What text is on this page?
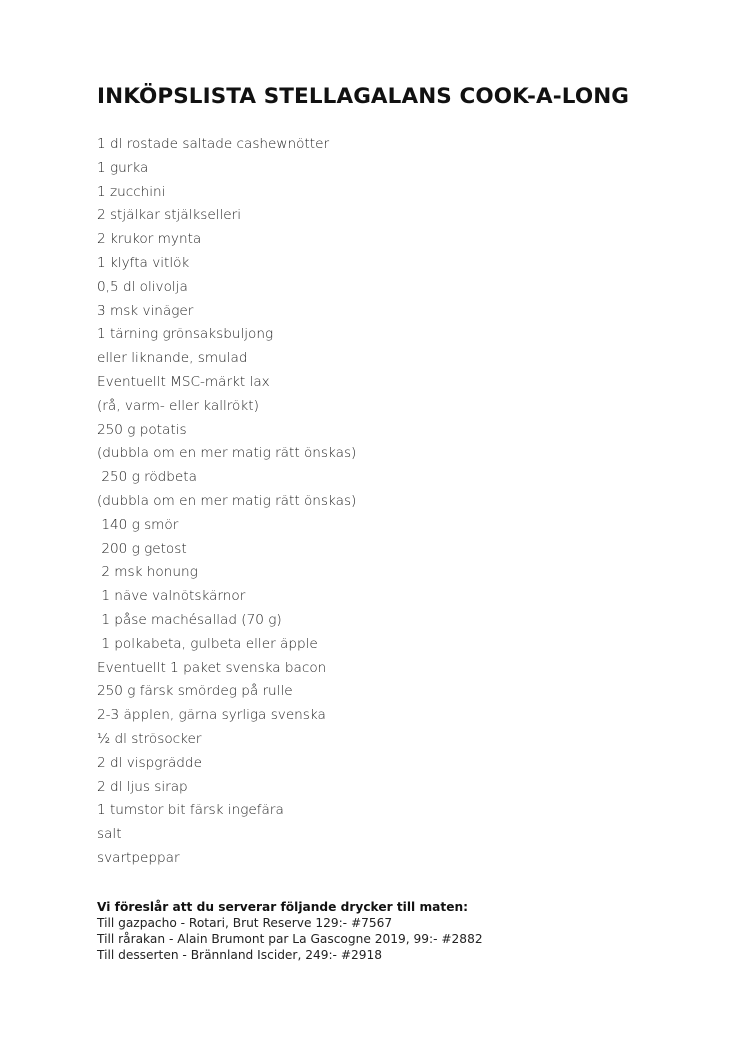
INKÖPSLISTA STELLAGALANS COOK-A-LONG
1 dl rostade saltade cashewnötter
1 gurka
1 zucchini
2 stjälkar stjälkselleri
2 krukor mynta
1 klyfta vitlök
0,5 dl olivolja
3 msk vinäger
1 tärning grönsaksbuljong
eller liknande, smulad
Eventuellt MSC-märkt lax
(rå, varm- eller kallrökt)
250 g potatis
(dubbla om en mer matig rätt önskas)
250 g rödbeta
(dubbla om en mer matig rätt önskas)
140 g smör
200 g getost
2 msk honung
1 näve valnötskärnor
1 påse machésallad (70 g)
1 polkabeta, gulbeta eller äpple
Eventuellt 1 paket svenska bacon
250 g färsk smördeg på rulle
2-3 äpplen, gärna syrliga svenska
½ dl strösocker
2 dl vispgrädde
2 dl ljus sirap
1 tumstor bit färsk ingefära
salt
svartpeppar
Vi föreslår att du serverar följande drycker till maten:
Till gazpacho - Rotari, Brut Reserve 129:- #7567
Till rårakan - Alain Brumont par La Gascogne 2019, 99:- #2882
Till desserten - Brännland Iscider, 249:- #2918
